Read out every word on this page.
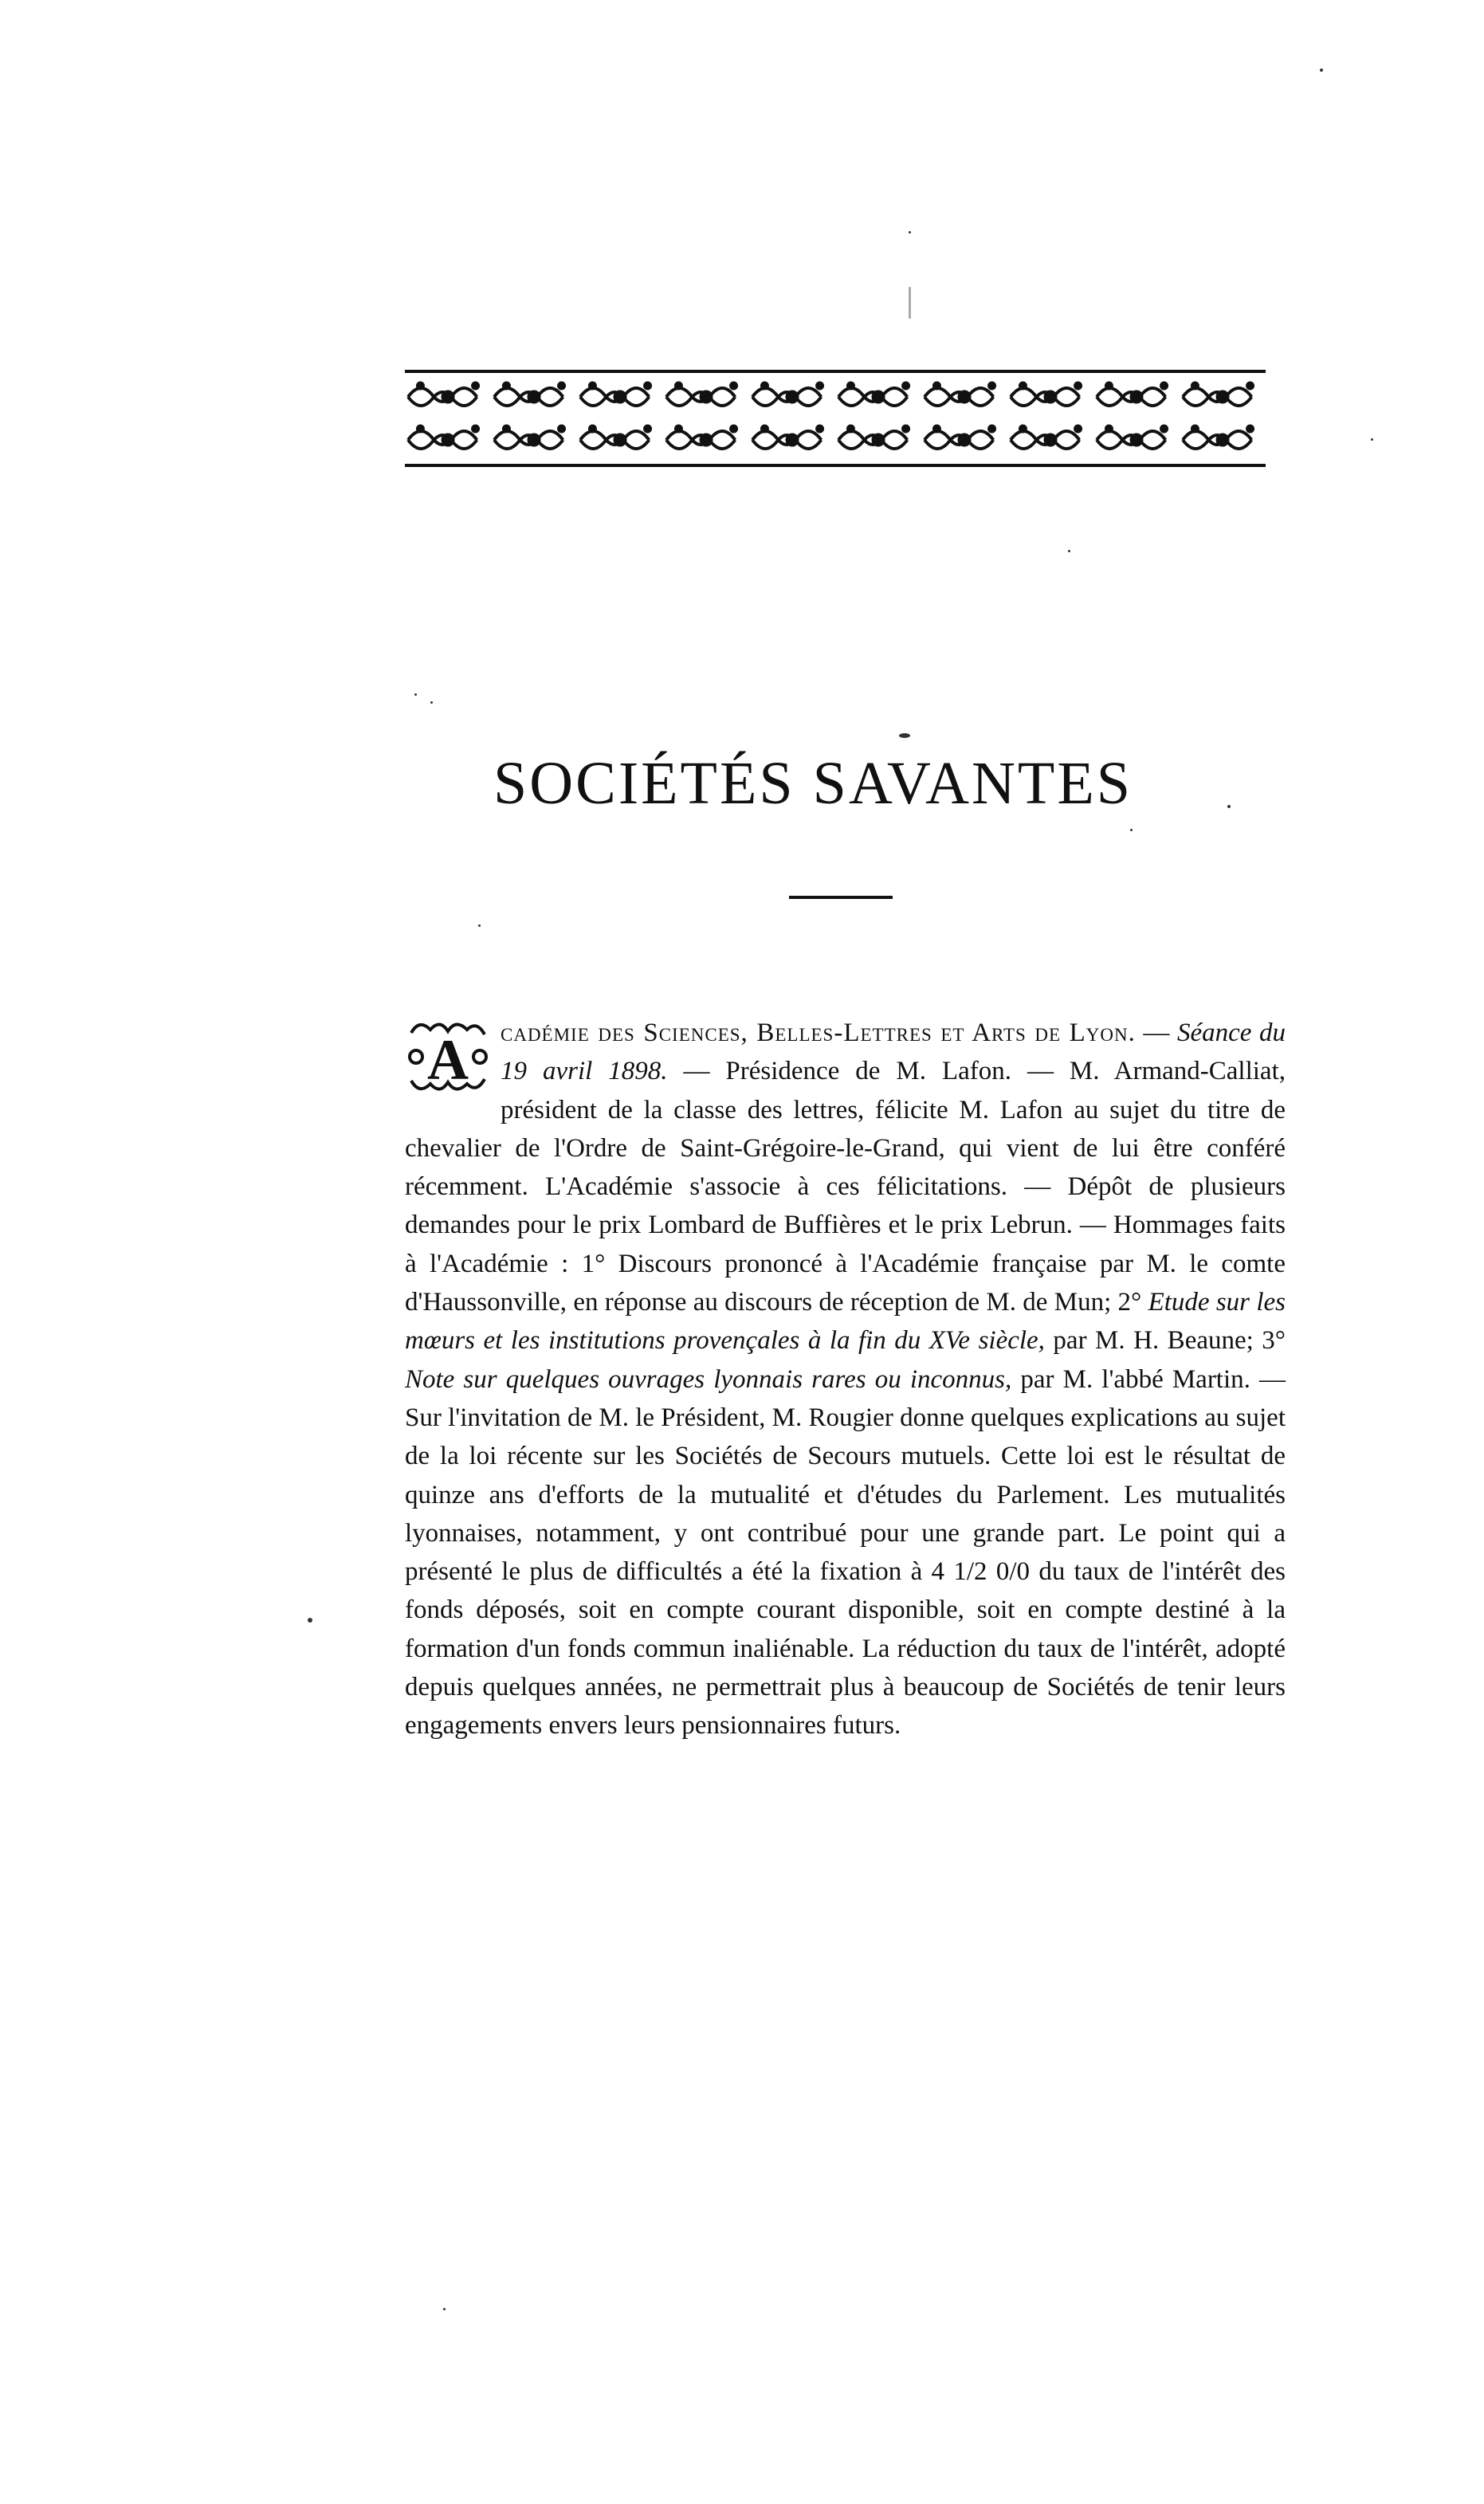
SOCIÉTÉS SAVANTES
A cadémie des Sciences, Belles-Lettres et Arts de Lyon. — Séance du 19 avril 1898. — Présidence de M. Lafon. — M. Armand-Calliat, président de la classe des lettres, félicite M. Lafon au sujet du titre de chevalier de l'Ordre de Saint-Grégoire-le-Grand, qui vient de lui être conféré récemment. L'Académie s'associe à ces félicitations. — Dépôt de plusieurs demandes pour le prix Lombard de Buffières et le prix Lebrun. — Hommages faits à l'Académie : 1° Discours prononcé à l'Académie française par M. le comte d'Haussonville, en réponse au discours de réception de M. de Mun; 2° Etude sur les mœurs et les institutions provençales à la fin du XVe siècle, par M. H. Beaune; 3° Note sur quelques ouvrages lyonnais rares ou inconnus, par M. l'abbé Martin. — Sur l'invitation de M. le Président, M. Rougier donne quelques explications au sujet de la loi récente sur les Sociétés de Secours mutuels. Cette loi est le résultat de quinze ans d'efforts de la mutualité et d'études du Parlement. Les mutualités lyonnaises, notamment, y ont contribué pour une grande part. Le point qui a présenté le plus de difficultés a été la fixation à 4 1/2 0/0 du taux de l'intérêt des fonds déposés, soit en compte courant disponible, soit en compte destiné à la formation d'un fonds commun inaliénable. La réduction du taux de l'intérêt, adopté depuis quelques années, ne permettrait plus à beaucoup de Sociétés de tenir leurs engagements envers leurs pensionnaires futurs.
